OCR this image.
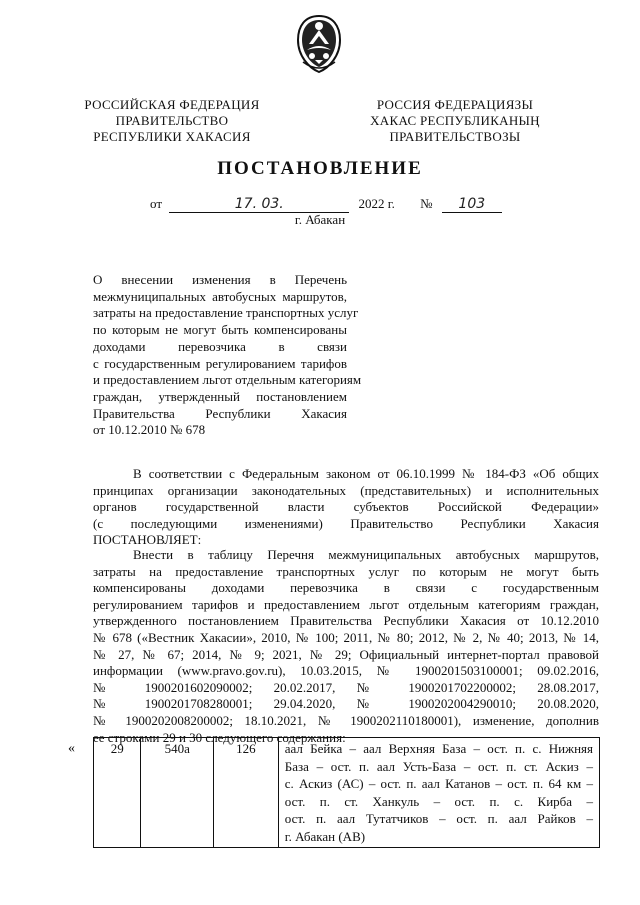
РОССИЙСКАЯ ФЕДЕРАЦИЯ
ПРАВИТЕЛЬСТВО
РЕСПУБЛИКИ ХАКАСИЯ
РОССИЯ ФЕДЕРАЦИЯЗЫ
ХАКАС РЕСПУБЛИКАНЫҢ
ПРАВИТЕЛЬСТВОЗЫ
ПОСТАНОВЛЕНИЕ
от	17. 03.	2022 г. № 103
г. Абакан
О внесении изменения в Перечень
межмуниципальных автобусных маршрутов,
затраты на предоставление транспортных услуг
по которым не могут быть компенсированы
доходами перевозчика в связи
с государственным регулированием тарифов
и предоставлением льгот отдельным категориям
граждан, утвержденный постановлением
Правительства Республики Хакасия
от 10.12.2010 № 678
В соответствии с Федеральным законом от 06.10.1999 № 184-ФЗ «Об общих
принципах организации законодательных (представительных) и исполнительных
органов государственной власти субъектов Российской Федерации»
(с последующими изменениями) Правительство Республики Хакасия
ПОСТАНОВЛЯЕТ:
Внести в таблицу Перечня межмуниципальных автобусных маршрутов,
затраты на предоставление транспортных услуг по которым не могут быть
компенсированы доходами перевозчика в связи с государственным
регулированием тарифов и предоставлением льгот отдельным категориям граждан,
утвержденного постановлением Правительства Республики Хакасия от 10.12.2010
№ 678 («Вестник Хакасии», 2010, № 100; 2011, № 80; 2012, № 2, № 40; 2013, № 14,
№ 27, № 67; 2014, № 9; 2021, № 29; Официальный интернет-портал правовой
информации (www.pravo.gov.ru), 10.03.2015, № 1900201503100001; 09.02.2016,
№ 1900201602090002; 20.02.2017, № 1900201702200002; 28.08.2017,
№ 1900201708280001; 29.04.2020, № 1900202004290010; 20.08.2020,
№ 1900202008200002; 18.10.2021, № 1900202110180001), изменение, дополнив
ее строками 29 и 30 следующего содержания:
«	29	540а	126	аал Бейка – аал Верхняя База – ост. п. с. Нижняя
База – ост. п. аал Усть-База – ост. п. ст. Аскиз –
с. Аскиз (АС) – ост. п. аал Катанов – ост. п. 64 км –
ост. п. ст. Ханкуль – ост. п. с. Кирба –
ост. п. аал Тутатчиков – ост. п. аал Райков –
г. Абакан (АВ)
